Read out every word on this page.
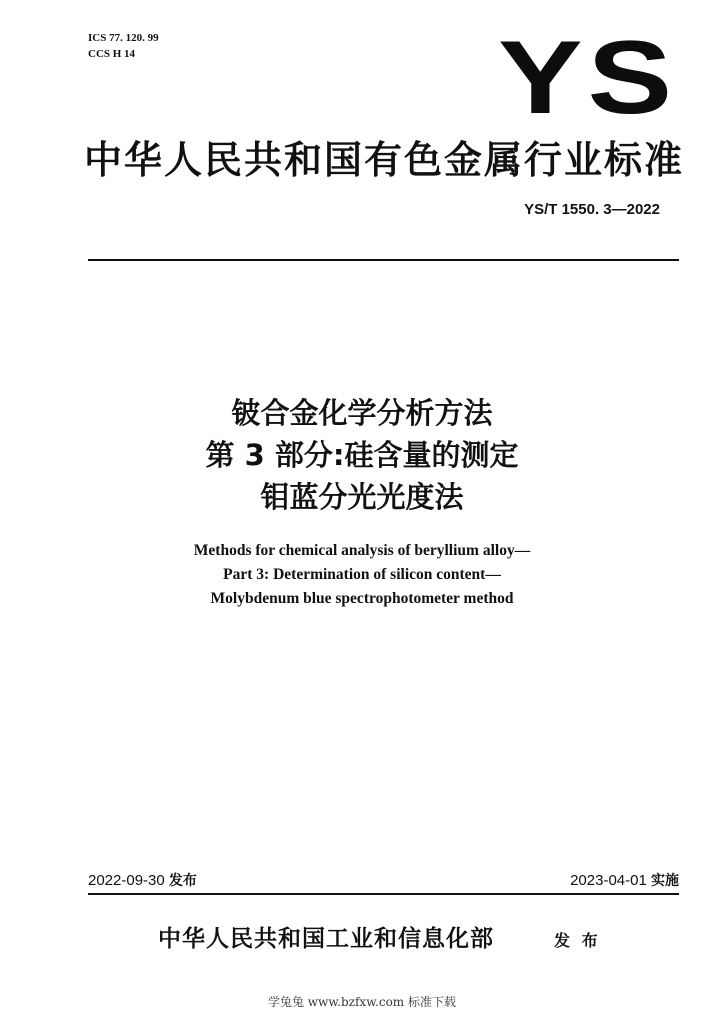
ICS 77. 120. 99
CCS H 14	YS
中华人民共和国有色金属行业标准
YS/T 1550. 3—2022
铍合金化学分析方法
第 3 部分:硅含量的测定
钼蓝分光光度法
Methods for chemical analysis of beryllium alloy—
Part 3: Determination of silicon content—
Molybdenum blue spectrophotometer method
2022-09-30 发布	2023-04-01 实施
中华人民共和国工业和信息化部	发 布
学兔兔 www.bzfxw.com 标准下载
